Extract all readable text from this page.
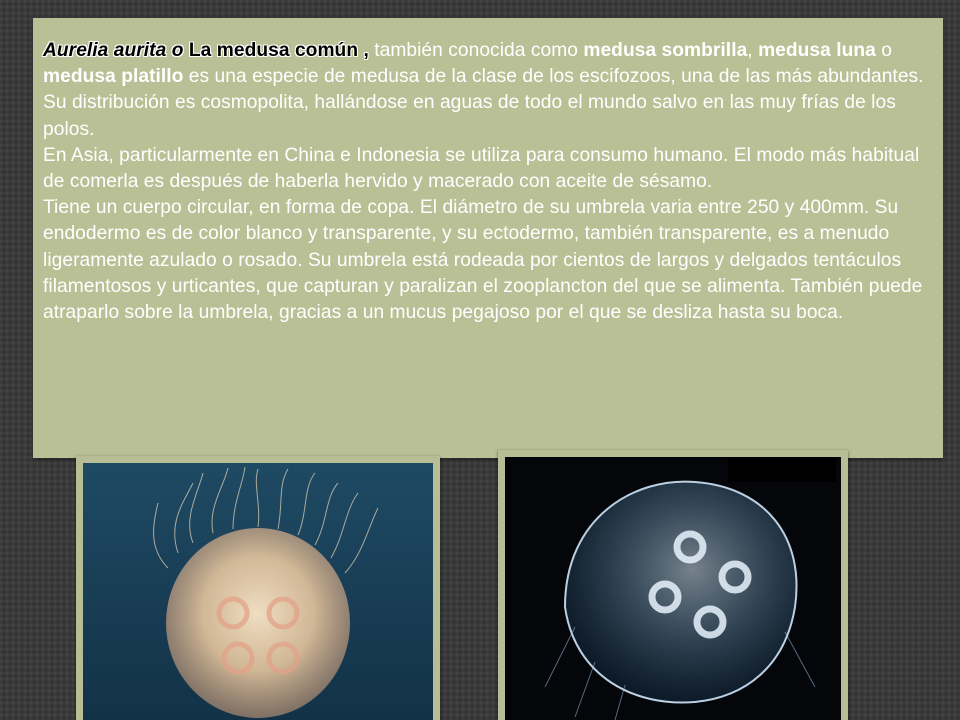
Aurelia aurita o La medusa común , también conocida como medusa sombrilla, medusa luna o medusa platillo es una especie de medusa de la clase de los escifozoos, una de las más abundantes. Su distribución es cosmopolita, hallándose en aguas de todo el mundo salvo en las muy frías de los polos.

En Asia, particularmente en China e Indonesia se utiliza para consumo humano. El modo más habitual de comerla es después de haberla hervido y macerado con aceite de sésamo.

Tiene un cuerpo circular, en forma de copa. El diámetro de su umbrela varia entre 250 y 400mm. Su endodermo es de color blanco y transparente, y su ectodermo, también transparente, es a menudo ligeramente azulado o rosado. Su umbrela está rodeada por cientos de largos y delgados tentáculos filamentosos y urticantes, que capturan y paralizan el zooplancton del que se alimenta. También puede atraparlo sobre la umbrela, gracias a un mucus pegajoso por el que se desliza hasta su boca.
